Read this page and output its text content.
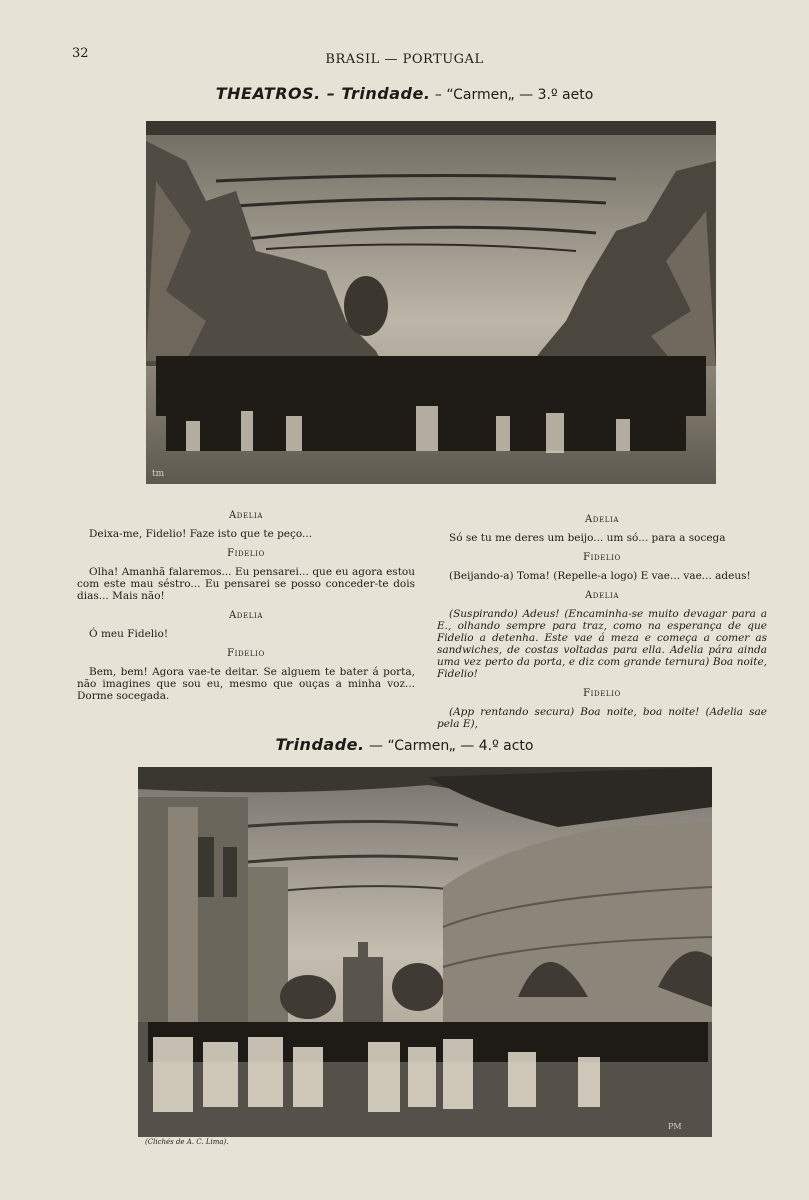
32	BRASIL — PORTUGAL
THEATROS. – Trindade. – “Carmen„ — 3.º aeto
tm
Adelia

Deixa-me, Fidelio! Faze isto que te peço...

Fidelio

Olha! Amanhã falaremos... Eu pensarei... que eu agora estou com este mau séstro... Eu pensarei se posso conceder-te dois dias... Mais não!

Adelia

Ó meu Fidelio!

Fidelio

Bem, bem! Agora vae-te deitar. Se alguem te bater á porta, não imagines que sou eu, mesmo que ouças a minha voz... Dorme socegada.

Adelia

Só se tu me deres um beijo... um só... para a socega

Fidelio

(Beijando-a) Toma! (Repelle-a logo) E vae... vae... adeus!

Adelia

(Suspirando) Adeus! (Encaminha-se muito devagar para a E., olhando sempre para traz, como na esperança de que Fidelio a detenha. Este vae á meza e começa a comer as sandwiches, de costas voltadas para ella. Adelia pára ainda uma vez perto da porta, e diz com grande ternura) Boa noite, Fidelio!

Fidelio

(App rentando secura) Boa noite, boa noite! (Adelia sae pela E),

Trindade. — “Carmen„ — 4.º acto
PM
(Clichés de A. C. Lima).
